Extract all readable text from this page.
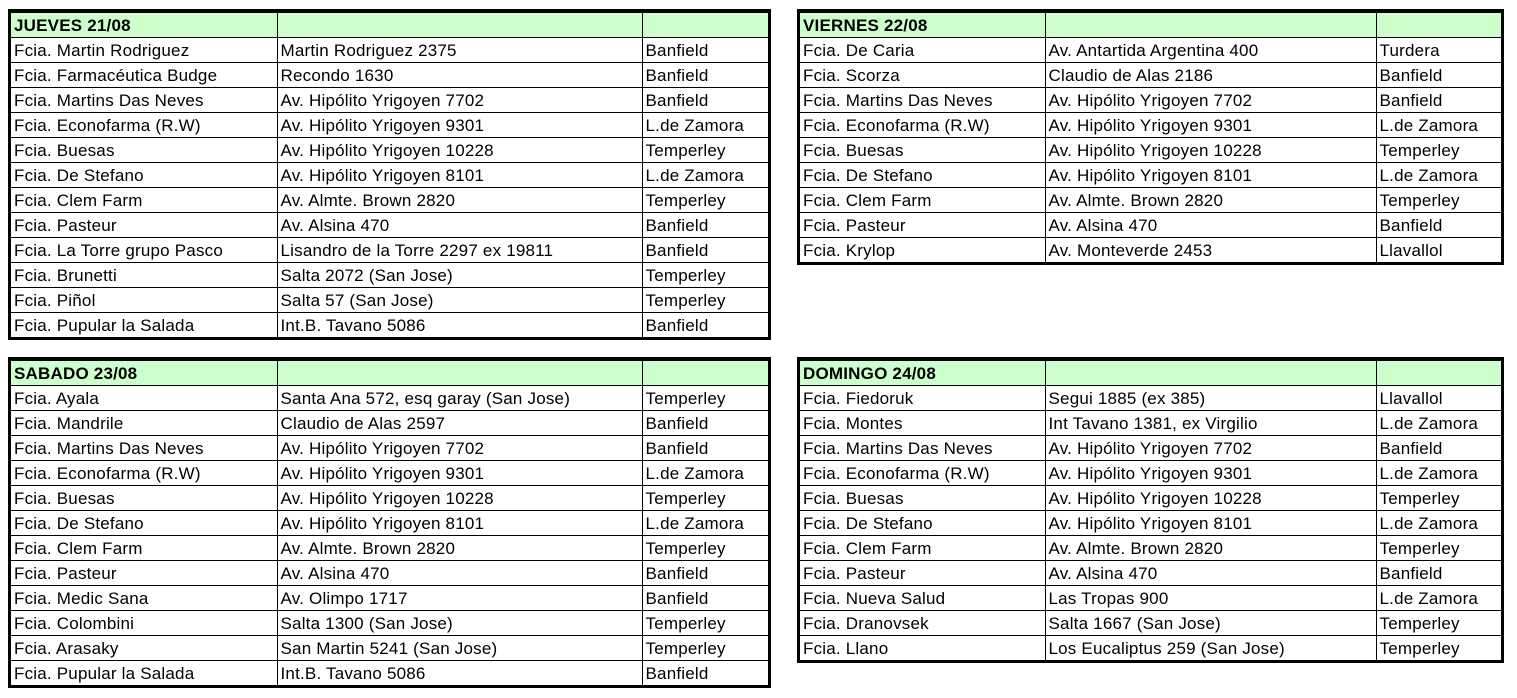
JUEVES 21/08		
Fcia. Martin Rodriguez	Martin Rodriguez 2375	Banfield
Fcia. Farmacéutica Budge	Recondo 1630	Banfield
Fcia. Martins Das Neves	Av. Hipólito Yrigoyen 7702	Banfield
Fcia. Econofarma (R.W)	Av. Hipólito Yrigoyen 9301	L.de Zamora
Fcia. Buesas	Av. Hipólito Yrigoyen 10228	Temperley
Fcia. De Stefano	Av. Hipólito Yrigoyen 8101	L.de Zamora
Fcia. Clem Farm	Av. Almte. Brown 2820	Temperley
Fcia. Pasteur	Av. Alsina 470	Banfield
Fcia. La Torre grupo Pasco	Lisandro de la Torre 2297 ex 19811	Banfield
Fcia. Brunetti	Salta 2072 (San Jose)	Temperley
Fcia. Piñol	Salta 57 (San Jose)	Temperley
Fcia. Pupular la Salada	Int.B. Tavano 5086	Banfield
VIERNES 22/08		
Fcia. De Caria	Av. Antartida Argentina 400	Turdera
Fcia. Scorza	Claudio de Alas 2186	Banfield
Fcia. Martins Das Neves	Av. Hipólito Yrigoyen 7702	Banfield
Fcia. Econofarma (R.W)	Av. Hipólito Yrigoyen 9301	L.de Zamora
Fcia. Buesas	Av. Hipólito Yrigoyen 10228	Temperley
Fcia. De Stefano	Av. Hipólito Yrigoyen 8101	L.de Zamora
Fcia. Clem Farm	Av. Almte. Brown 2820	Temperley
Fcia. Pasteur	Av. Alsina 470	Banfield
Fcia. Krylop	Av. Monteverde 2453	Llavallol
SABADO 23/08		
Fcia. Ayala	Santa Ana 572, esq garay (San Jose)	Temperley
Fcia. Mandrile	Claudio de Alas 2597	Banfield
Fcia. Martins Das Neves	Av. Hipólito Yrigoyen 7702	Banfield
Fcia. Econofarma (R.W)	Av. Hipólito Yrigoyen 9301	L.de Zamora
Fcia. Buesas	Av. Hipólito Yrigoyen 10228	Temperley
Fcia. De Stefano	Av. Hipólito Yrigoyen 8101	L.de Zamora
Fcia. Clem Farm	Av. Almte. Brown 2820	Temperley
Fcia. Pasteur	Av. Alsina 470	Banfield
Fcia. Medic Sana	Av. Olimpo 1717	Banfield
Fcia. Colombini	Salta 1300 (San Jose)	Temperley
Fcia. Arasaky	San Martin 5241 (San Jose)	Temperley
Fcia. Pupular la Salada	Int.B. Tavano 5086	Banfield
DOMINGO 24/08		
Fcia. Fiedoruk	Segui 1885 (ex 385)	Llavallol
Fcia. Montes	Int Tavano 1381, ex Virgilio	L.de Zamora
Fcia. Martins Das Neves	Av. Hipólito Yrigoyen 7702	Banfield
Fcia. Econofarma (R.W)	Av. Hipólito Yrigoyen 9301	L.de Zamora
Fcia. Buesas	Av. Hipólito Yrigoyen 10228	Temperley
Fcia. De Stefano	Av. Hipólito Yrigoyen 8101	L.de Zamora
Fcia. Clem Farm	Av. Almte. Brown 2820	Temperley
Fcia. Pasteur	Av. Alsina 470	Banfield
Fcia. Nueva Salud	Las Tropas 900	L.de Zamora
Fcia. Dranovsek	Salta 1667 (San Jose)	Temperley
Fcia. Llano	Los Eucaliptus 259 (San Jose)	Temperley
